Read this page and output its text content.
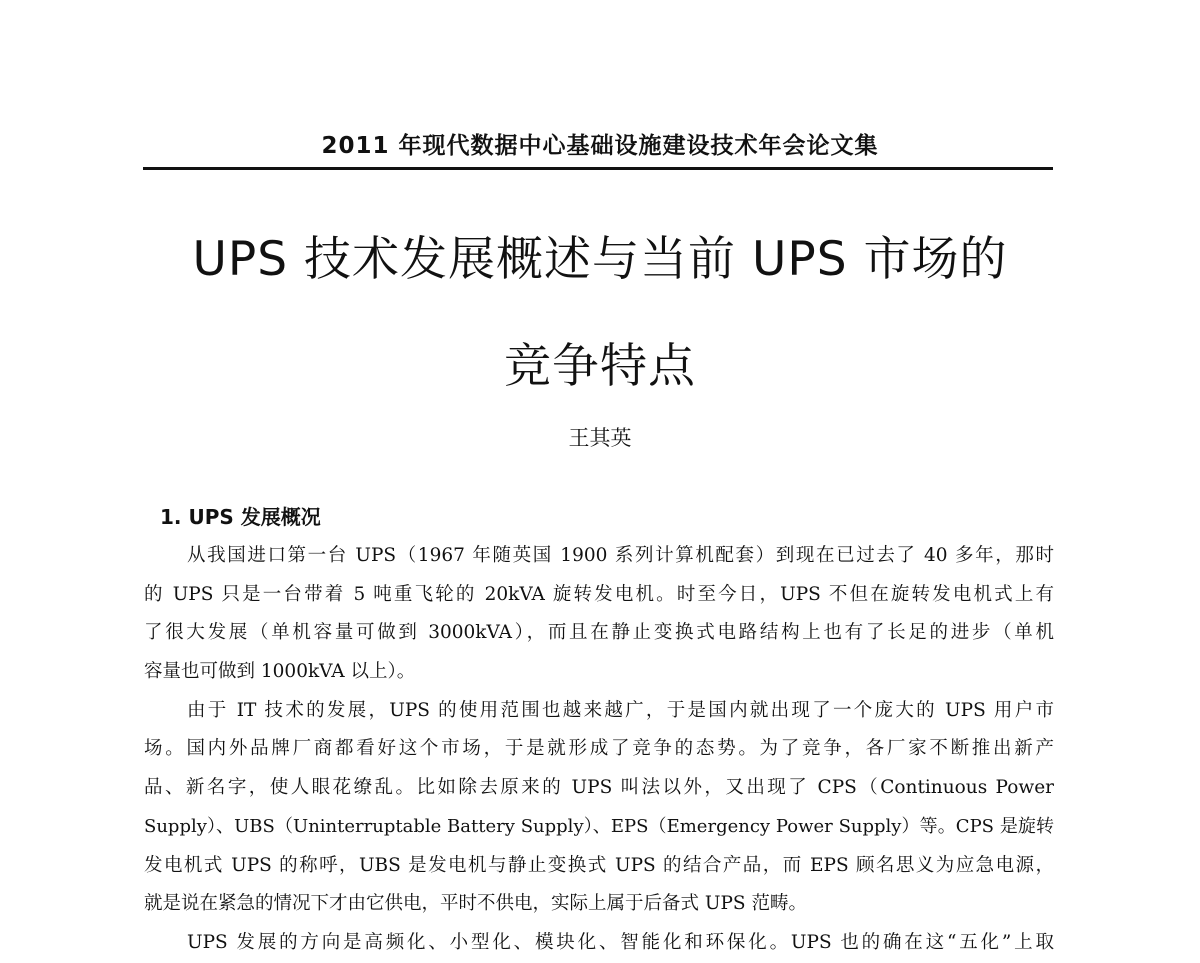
2011 年现代数据中心基础设施建设技术年会论文集
UPS 技术发展概述与当前 UPS 市场的
竞争特点
王其英
1. UPS 发展概况
从我国进口第一台 UPS（1967 年随英国 1900 系列计算机配套）到现在已过去了 40 多年，那时
的 UPS 只是一台带着 5 吨重飞轮的 20kVA 旋转发电机。时至今日，UPS 不但在旋转发电机式上有
了很大发展（单机容量可做到 3000kVA），而且在静止变换式电路结构上也有了长足的进步（单机
容量也可做到 1000kVA 以上）。
由于 IT 技术的发展，UPS 的使用范围也越来越广，于是国内就出现了一个庞大的 UPS 用户市
场。国内外品牌厂商都看好这个市场，于是就形成了竞争的态势。为了竞争，各厂家不断推出新产
品、新名字，使人眼花缭乱。比如除去原来的 UPS 叫法以外，又出现了 CPS（Continuous Power
Supply）、UBS（Uninterruptable Battery Supply）、EPS（Emergency Power Supply）等。CPS 是旋转
发电机式 UPS 的称呼，UBS 是发电机与静止变换式 UPS 的结合产品，而 EPS 顾名思义为应急电源，
就是说在紧急的情况下才由它供电，平时不供电，实际上属于后备式 UPS 范畴。
UPS 发展的方向是高频化、小型化、模块化、智能化和环保化。UPS 也的确在这“五化”上取
